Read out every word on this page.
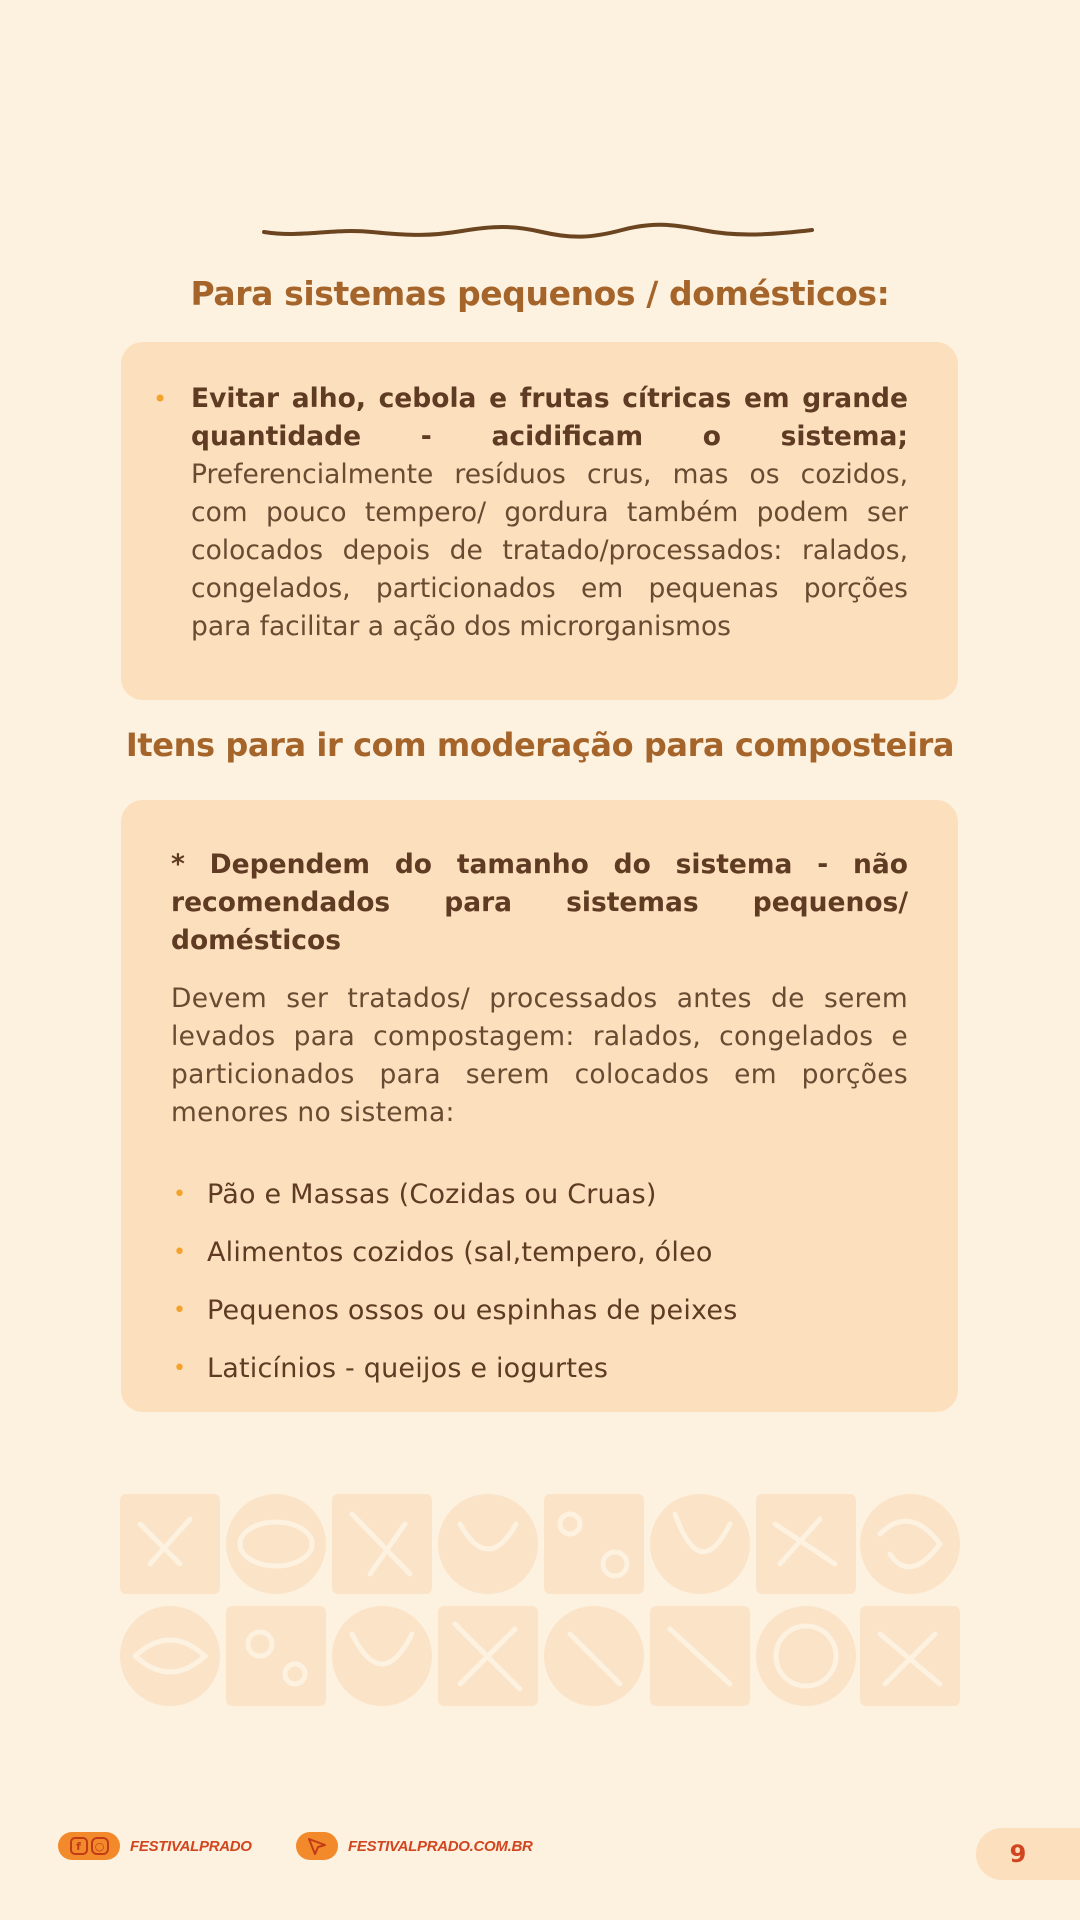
Para sistemas pequenos / domésticos:

• Evitar alho, cebola e frutas cítricas em grande quantidade - acidificam o sistema; Preferencialmente resíduos crus, mas os cozidos, com pouco tempero/ gordura também podem ser colocados depois de tratado/processados: ralados, congelados, particionados em pequenas porções para facilitar a ação dos microrganismos

Itens para ir com moderação para composteira

* Dependem do tamanho do sistema - não
recomendados para sistemas pequenos/ domésticos

Devem ser tratados/ processados antes de serem levados para compostagem: ralados, congelados e particionados para serem colocados em porções menores no sistema:

• Pão e Massas (Cozidas ou Cruas)
• Alimentos cozidos (sal,tempero, óleo
• Pequenos ossos ou espinhas de peixes
• Laticínios - queijos e iogurtes
f	○ FESTIVALPRADO	FESTIVALPRADO.COM.BR	9
